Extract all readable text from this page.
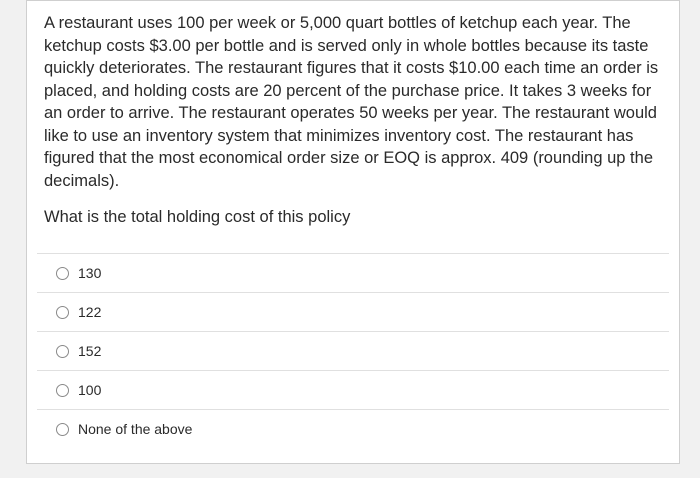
A restaurant uses 100 per week or 5,000 quart bottles of ketchup each year. The ketchup costs $3.00 per bottle and is served only in whole bottles because its taste quickly deteriorates. The restaurant figures that it costs $10.00 each time an order is placed, and holding costs are 20 percent of the purchase price. It takes 3 weeks for an order to arrive. The restaurant operates 50 weeks per year. The restaurant would like to use an inventory system that minimizes inventory cost. The restaurant has figured that the most economical order size or EOQ is approx. 409 (rounding up the decimals).

What is the total holding cost of this policy

130
122
152
100
None of the above
